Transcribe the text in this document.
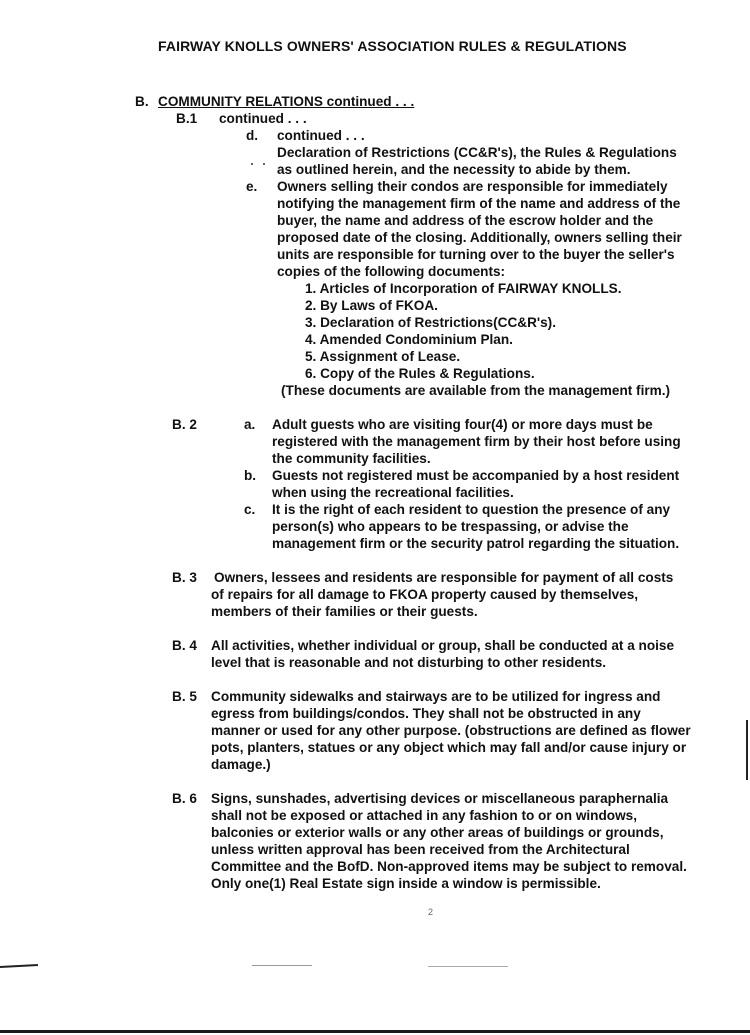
FAIRWAY KNOLLS OWNERS' ASSOCIATION RULES & REGULATIONS
B. COMMUNITY RELATIONS continued . . .
B.1 continued . . .
d. continued . . .
Declaration of Restrictions (CC&R's), the Rules & Regulations
as outlined herein, and the necessity to abide by them.
e. Owners selling their condos are responsible for immediately
notifying the management firm of the name and address of the
buyer, the name and address of the escrow holder and the
proposed date of the closing. Additionally, owners selling their
units are responsible for turning over to the buyer the seller's
copies of the following documents:
1. Articles of Incorporation of FAIRWAY KNOLLS.
2. By Laws of FKOA.
3. Declaration of Restrictions(CC&R's).
4. Amended Condominium Plan.
5. Assignment of Lease.
6. Copy of the Rules & Regulations.
(These documents are available from the management firm.)
B. 2	a. Adult guests who are visiting four(4) or more days must be
registered with the management firm by their host before using
the community facilities.
b. Guests not registered must be accompanied by a host resident
when using the recreational facilities.
c. It is the right of each resident to question the presence of any
person(s) who appears to be trespassing, or advise the
management firm or the security patrol regarding the situation.
B. 3 Owners, lessees and residents are responsible for payment of all costs
of repairs for all damage to FKOA property caused by themselves,
members of their families or their guests.
B. 4 All activities, whether individual or group, shall be conducted at a noise
level that is reasonable and not disturbing to other residents.
B. 5 Community sidewalks and stairways are to be utilized for ingress and
egress from buildings/condos. They shall not be obstructed in any
manner or used for any other purpose. (obstructions are defined as flower
pots, planters, statues or any object which may fall and/or cause injury or
damage.)
B. 6 Signs, sunshades, advertising devices or miscellaneous paraphernalia
shall not be exposed or attached in any fashion to or on windows,
balconies or exterior walls or any other areas of buildings or grounds,
unless written approval has been received from the Architectural
Committee and the BofD. Non-approved items may be subject to removal.
Only one(1) Real Estate sign inside a window is permissible.
2
